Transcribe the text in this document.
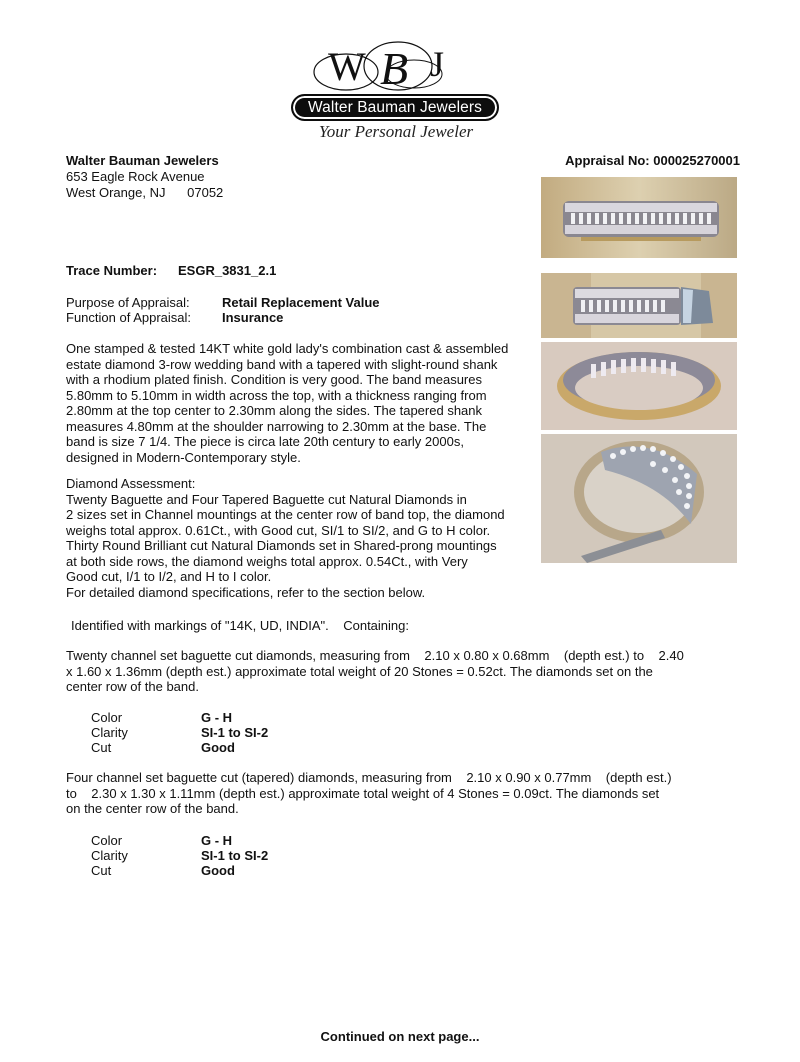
W B J
Walter Bauman Jewelers
Your Personal Jeweler
Walter Bauman Jewelers
653 Eagle Rock Avenue
West Orange, NJ      07052
Appraisal No: 000025270001
Trace Number: ESGR_3831_2.1
Purpose of Appraisal: Retail Replacement Value
Function of Appraisal: Insurance
One stamped & tested 14KT white gold lady's combination cast & assembled
estate diamond 3-row wedding band with a tapered with slight-round shank
with a rhodium plated finish. Condition is very good. The band measures
5.80mm to 5.10mm in width across the top, with a thickness ranging from
2.80mm at the top center to 2.30mm along the sides. The tapered shank
measures 4.80mm at the shoulder narrowing to 2.30mm at the base. The
band is size 7 1/4. The piece is circa late 20th century to early 2000s,
designed in Modern-Contemporary style.
Diamond Assessment:
Twenty Baguette and Four Tapered Baguette cut Natural Diamonds in
2 sizes set in Channel mountings at the center row of band top, the diamond
weighs total approx. 0.61Ct., with Good cut, SI/1 to SI/2, and G to H color.
Thirty Round Brilliant cut Natural Diamonds set in Shared-prong mountings
at both side rows, the diamond weighs total approx. 0.54Ct., with Very
Good cut, I/1 to I/2, and H to I color.
For detailed diamond specifications, refer to the section below.
Identified with markings of "14K, UD, INDIA".    Containing:
Twenty channel set baguette cut diamonds, measuring from    2.10 x 0.80 x 0.68mm    (depth est.) to    2.40
x 1.60 x 1.36mm (depth est.) approximate total weight of 20 Stones = 0.52ct. The diamonds set on the
center row of the band.
Color	G - H
Clarity	SI-1 to SI-2
Cut	Good
Four channel set baguette cut (tapered) diamonds, measuring from    2.10 x 0.90 x 0.77mm    (depth est.)
to    2.30 x 1.30 x 1.11mm (depth est.) approximate total weight of 4 Stones = 0.09ct. The diamonds set
on the center row of the band.
Color	G - H
Clarity	SI-1 to SI-2
Cut	Good
Continued on next page...
